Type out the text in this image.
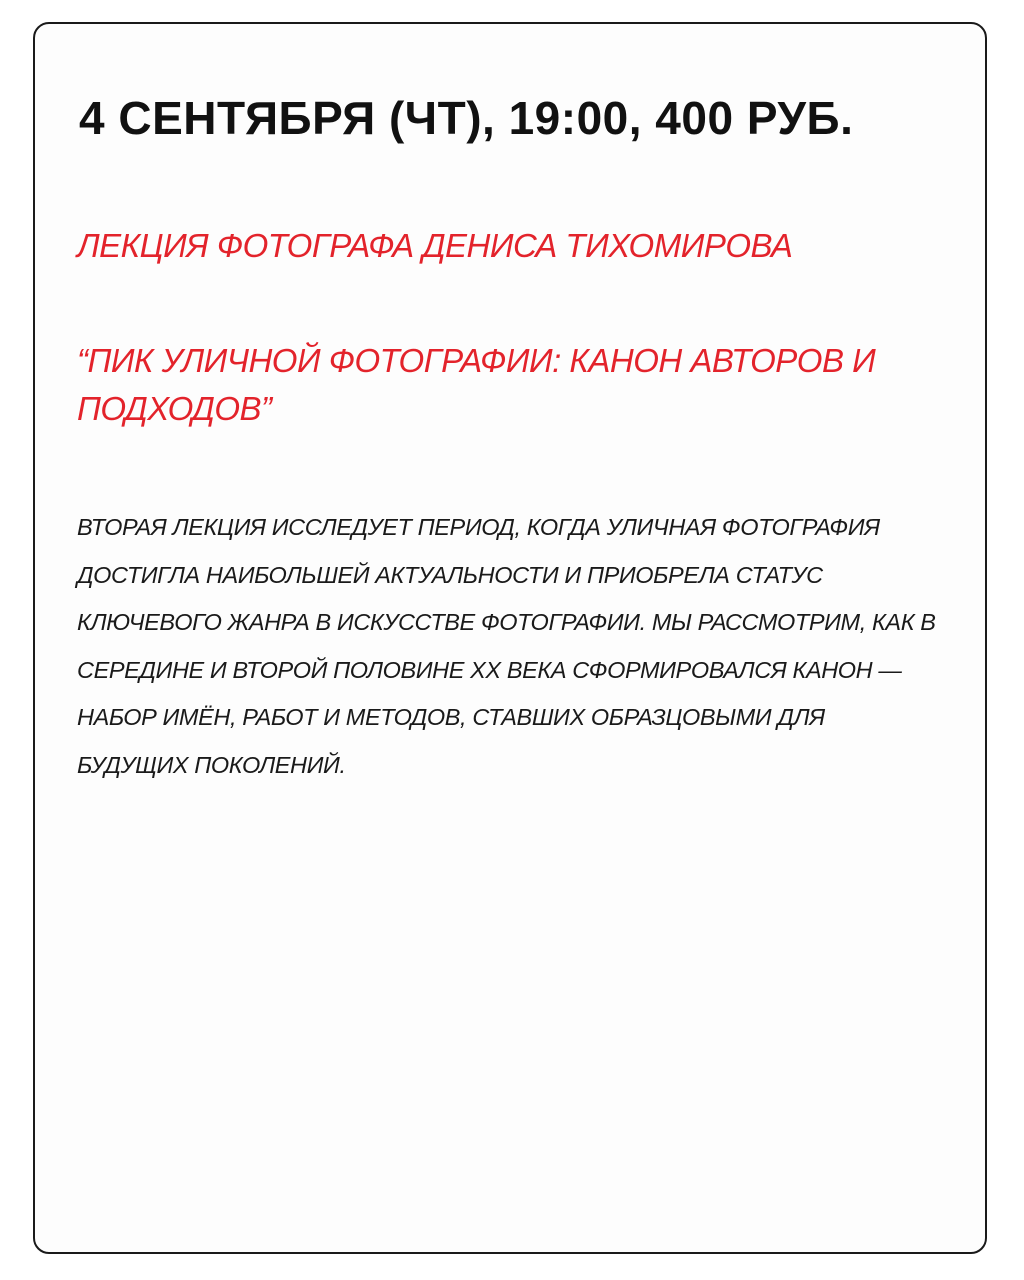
4 СЕНТЯБРЯ (ЧТ), 19:00, 400 РУБ.

ЛЕКЦИЯ ФОТОГРАФА ДЕНИСА ТИХОМИРОВА

“ПИК УЛИЧНОЙ ФОТОГРАФИИ: КАНОН АВТОРОВ И ПОДХОДОВ”

ВТОРАЯ ЛЕКЦИЯ ИССЛЕДУЕТ ПЕРИОД, КОГДА УЛИЧНАЯ ФОТОГРАФИЯ ДОСТИГЛА НАИБОЛЬШЕЙ АКТУАЛЬНОСТИ И ПРИОБРЕЛА СТАТУС КЛЮЧЕВОГО ЖАНРА В ИСКУССТВЕ ФОТОГРАФИИ. МЫ РАССМОТРИМ, КАК В СЕРЕДИНЕ И ВТОРОЙ ПОЛОВИНЕ XX ВЕКА СФОРМИРОВАЛСЯ КАНОН — НАБОР ИМЁН, РАБОТ И МЕТОДОВ, СТАВШИХ ОБРАЗЦОВЫМИ ДЛЯ БУДУЩИХ ПОКОЛЕНИЙ.
